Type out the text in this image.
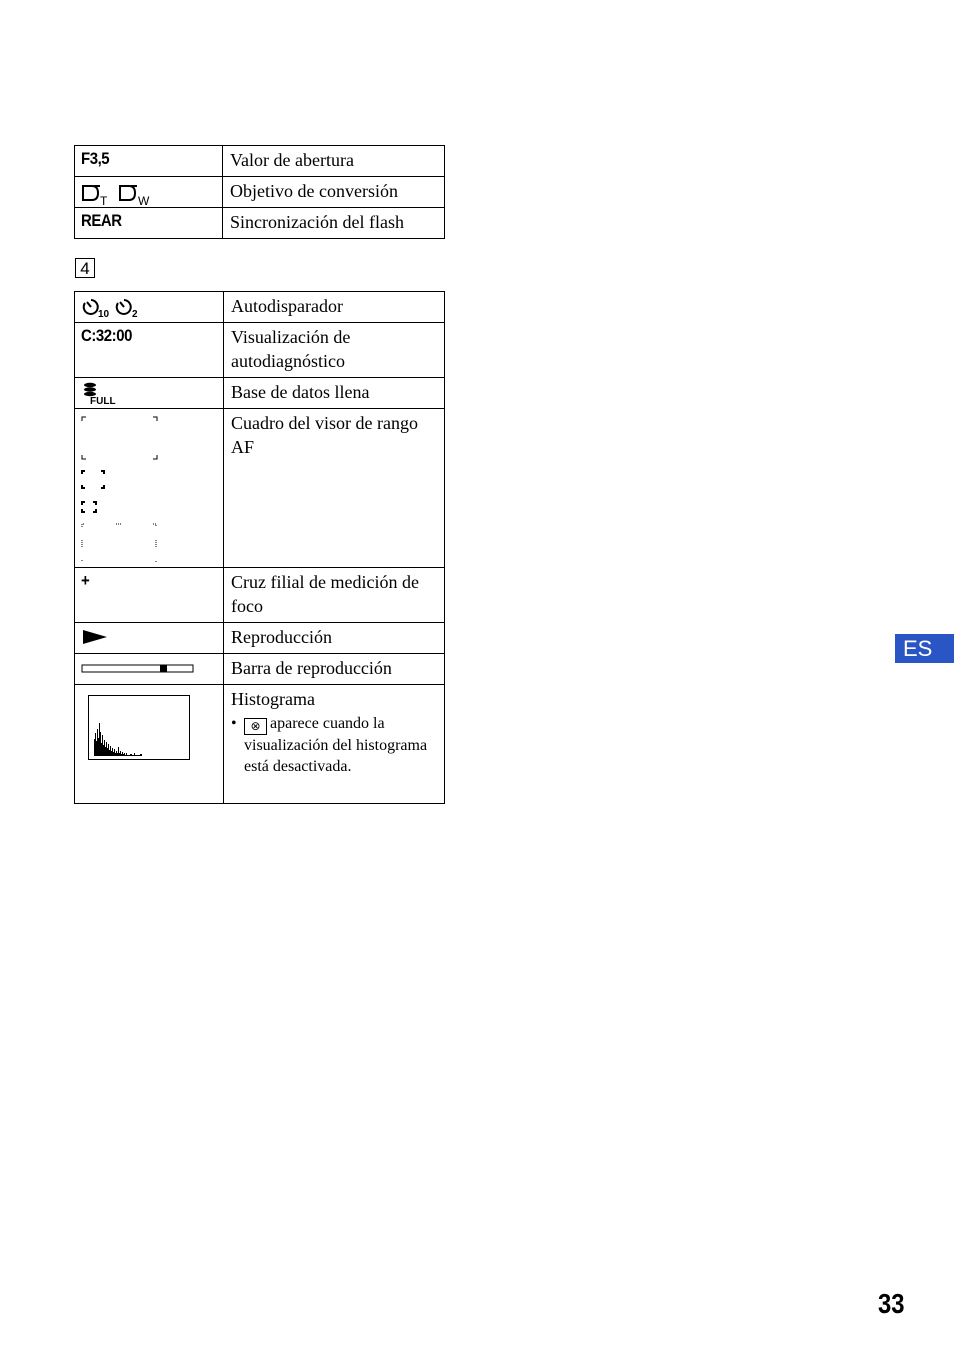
F3,5	Valor de abertura

T W	Objetivo de conversión
REAR	Sincronización del flash
4
10 2	Autodisparador
C:32:00	Visualización de autodiagnóstico

FULL	Base de datos llena

	Cuadro del visor de rango AF
+	Cruz filial de medición de foco

	Reproducción

	Barra de reproducción

Histograma
• ⊗ aparece cuando la visualización del histograma está desactivada.
ES
33
